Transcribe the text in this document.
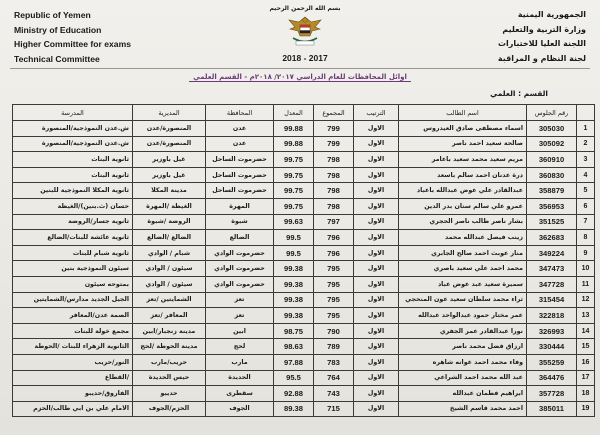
Republic of Yemen
Ministry of Education
Higher Committee for exams
Technical Committee
بسم الله الرحمن الرحيم
2018 - 2017
الجمهورية اليمنية
وزارة التربية والتعليم
اللجنة العليا للاختبارات
لجنة النظام و المراقبة
اوائل المحافظات للعام الدراسي ٢٠١٧/ ٢٠١٨م - القسم العلمي
القسم : العلمي
	رقم الجلوس	اسم الطالب	الترتيب	المجموع	المعدل	المحافظة	المديرية	المدرسة
1	305030	اسماء مصطفى صادق العيدروس	الاول	799	99.88	عدن	المنصورة/عدن	ش.عدن النموذجية/المنصورة
2	305092	صالحة سعيد احمد ناصر	الاول	799	99.88	عدن	المنصورة/عدن	ش.عدن النموذجية/المنصورة
3	360910	مريم سعيد محمد سعيد باعامر	الاول	798	99.75	حضرموت الساحل	غيل باوزير	ثانوية البنات
4	360830	درة عدنان احمد سالم باسعد	الاول	798	99.75	حضرموت الساحل	غيل باوزير	ثانوية البنات
5	358879	عبدالقادر علي عوض عبدالله باعباد	الاول	798	99.75	حضرموت الساحل	مدينة المكلا	ثانوية المكلا النموذجية للبنين
6	356953	عمرو علي سالم سنان بدر الدين	الاول	798	99.75	المهرة	الغيظة /المهرة	حسان (ث.بنين)/الغيظة
7	351525	بشار ناصر طالب ناصر الحجري	الاول	797	99.63	شبوة	الروضة /شبوة	ثانوية جسار/الروضة
8	362683	زينب فيصل عبدالله محمد	الاول	796	99.5	الضالع	الضالع /الضالع	ثانوية عائشة للبنات/الضالع
9	349224	منار عوبث احمد صالح الجابري	الاول	796	99.5	حضرموت الوادي	شبام / الوادي	ثانوية شبام للبنات
10	347473	محمد احمد علي سعيد باصري	الاول	795	99.38	حضرموت الوادي	سيئون / الوادي	سيئون النموذجية بنين
11	347728	سميرة سعيد عبد عوض عباد	الاول	795	99.38	حضرموت الوادي	سيئون / الوادي	بمتوحه سيئون
12	315454	ثراء محمد سلطان سعيد عون المنحجي	الاول	795	99.38	تعز	الشمايتين /تعز	الجيل الجديد مدارس/الشمايتين
13	322818	عمر مختار حمود عبدالواحد عبدالله	الاول	795	99.38	تعز	المعافر /تعز	الصمة عدن/المعافر
14	326993	نورا عبدالقادر عمر الجفري	الاول	790	98.75	ابين	مدينة زنجبار/ابين	مجمع خولة للبنات
15	330444	ارزاق فضل محمد ناصر	الاول	789	98.63	لحج	مدينة الحوطة /لحج	الثانوية الزهراء للبنات /الحوطة
16	355259	وفاء محمد احمد عوانه شاهره	الاول	783	97.88	مارب	حريب/مارب	النور/حريب
17	364476	عبد الله محمد احمد الشراعي	الاول	764	95.5	الحديدة	حيس الحديدة	/القطاع
18	357728	ابراهيم فطمان عبدالله	الاول	743	92.88	سقطرى	حديبو	الفاروق/حديبو
19	385011	احمد محمد قاسم الشيخ	الاول	715	89.38	الجوف	الحزم/الجوف	الامام علي بن ابي طالب/الحزم
